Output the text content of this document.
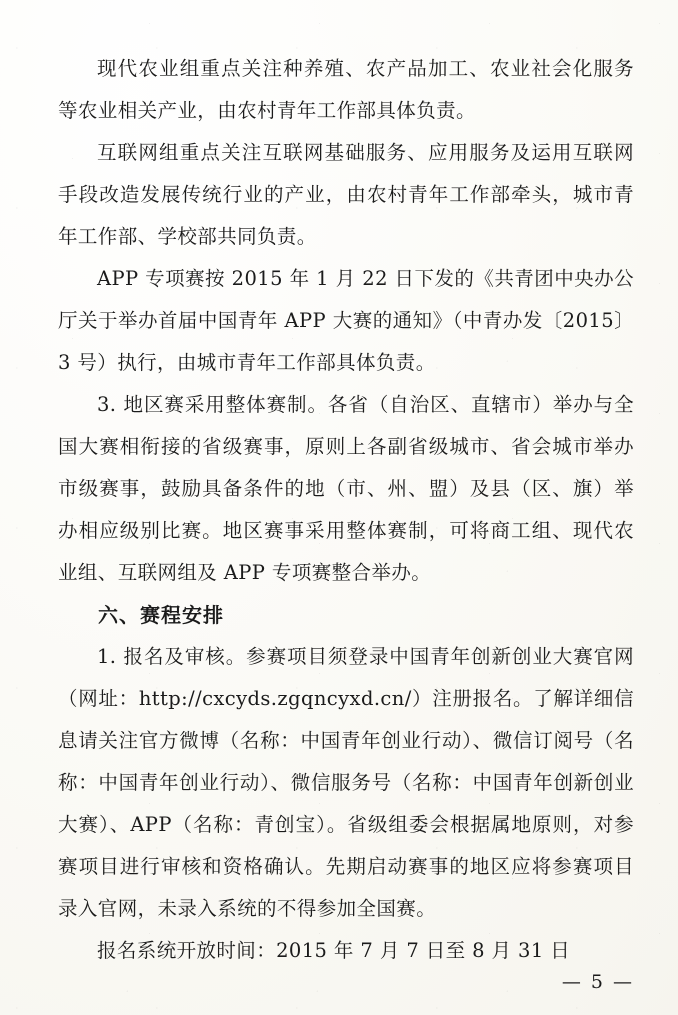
现代农业组重点关注种养殖、农产品加工、农业社会化服务等农业相关产业，由农村青年工作部具体负责。

互联网组重点关注互联网基础服务、应用服务及运用互联网手段改造发展传统行业的产业，由农村青年工作部牵头，城市青年工作部、学校部共同负责。

APP 专项赛按 2015 年 1 月 22 日下发的《共青团中央办公厅关于举办首届中国青年 APP 大赛的通知》（中青办发〔2015〕3 号）执行，由城市青年工作部具体负责。

3. 地区赛采用整体赛制。各省（自治区、直辖市）举办与全国大赛相衔接的省级赛事，原则上各副省级城市、省会城市举办市级赛事，鼓励具备条件的地（市、州、盟）及县（区、旗）举办相应级别比赛。地区赛事采用整体赛制，可将商工组、现代农业组、互联网组及 APP 专项赛整合举办。

六、赛程安排

1. 报名及审核。参赛项目须登录中国青年创新创业大赛官网（网址：http://cxcyds.zgqncyxd.cn/）注册报名。了解详细信息请关注官方微博（名称：中国青年创业行动）、微信订阅号（名称：中国青年创业行动）、微信服务号（名称：中国青年创新创业大赛）、APP（名称：青创宝）。省级组委会根据属地原则，对参赛项目进行审核和资格确认。先期启动赛事的地区应将参赛项目录入官网，未录入系统的不得参加全国赛。

报名系统开放时间：2015 年 7 月 7 日至 8 月 31 日

— 5 —
